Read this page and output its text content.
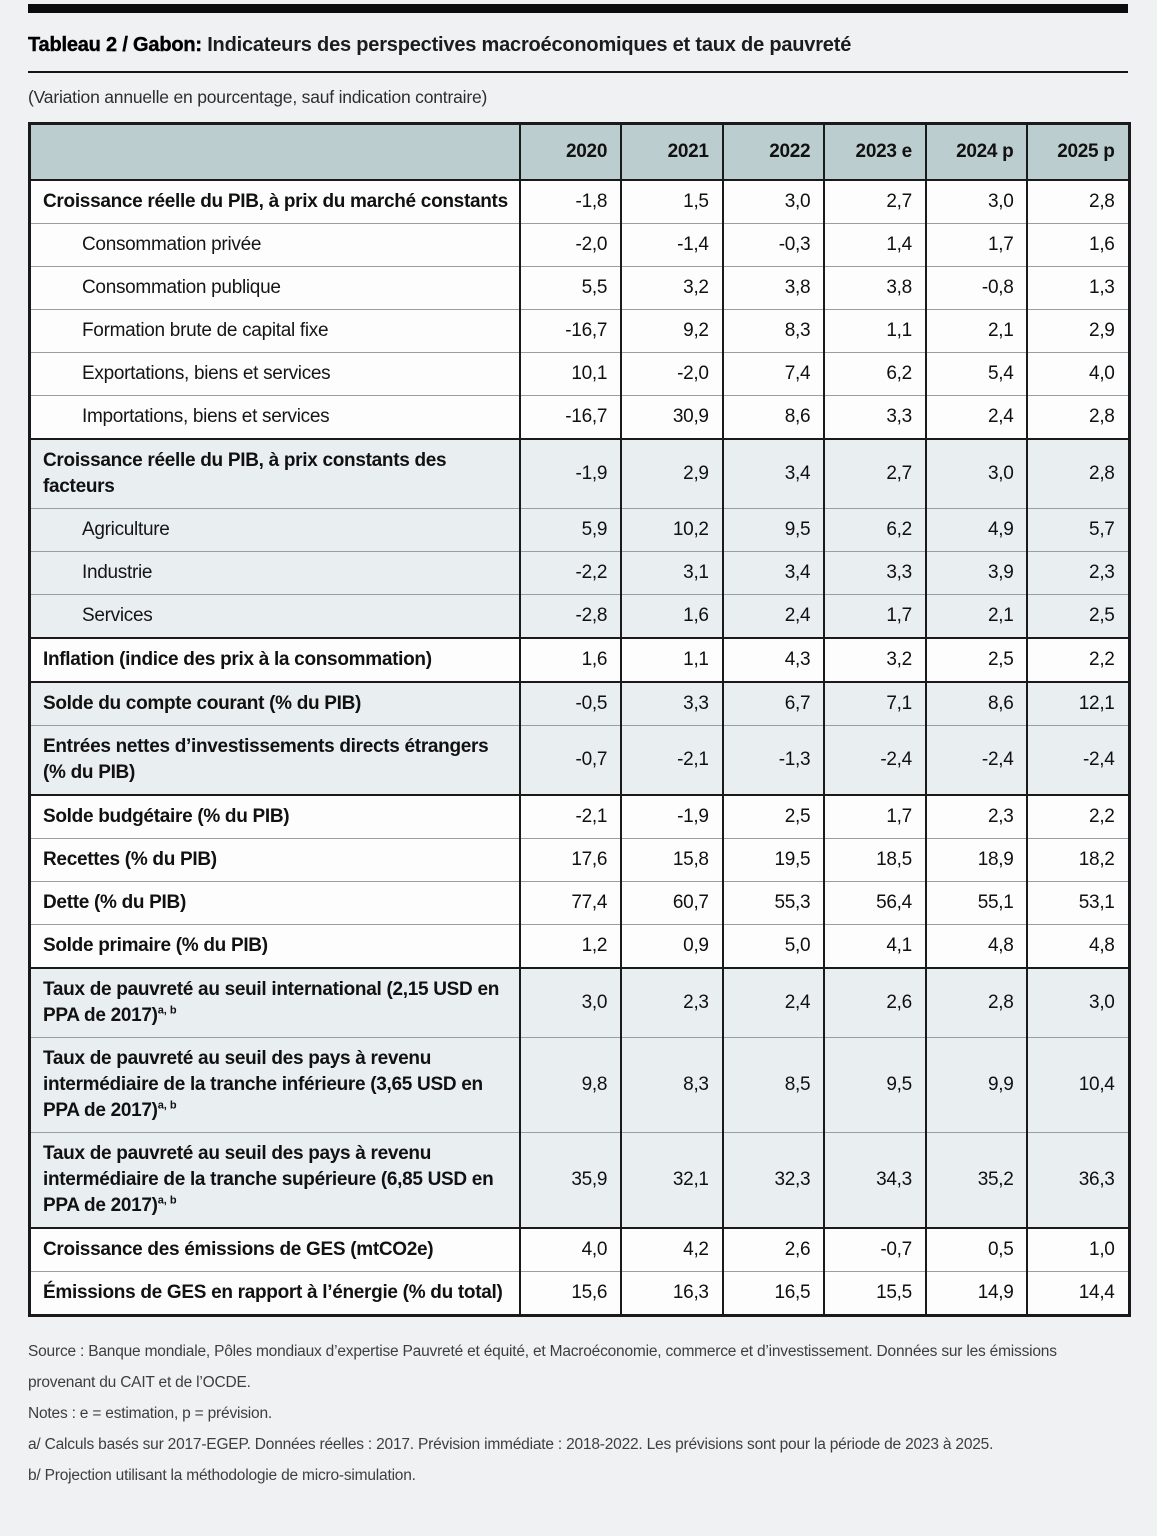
Tableau 2 / Gabon: Indicateurs des perspectives macroéconomiques et taux de pauvreté
(Variation annuelle en pourcentage, sauf indication contraire)
	2020	2021	2022	2023 e	2024 p	2025 p
Croissance réelle du PIB, à prix du marché constants	-1,8	1,5	3,0	2,7	3,0	2,8
Consommation privée	-2,0	-1,4	-0,3	1,4	1,7	1,6
Consommation publique	5,5	3,2	3,8	3,8	-0,8	1,3
Formation brute de capital fixe	-16,7	9,2	8,3	1,1	2,1	2,9
Exportations, biens et services	10,1	-2,0	7,4	6,2	5,4	4,0
Importations, biens et services	-16,7	30,9	8,6	3,3	2,4	2,8
Croissance réelle du PIB, à prix constants des facteurs	-1,9	2,9	3,4	2,7	3,0	2,8
Agriculture	5,9	10,2	9,5	6,2	4,9	5,7
Industrie	-2,2	3,1	3,4	3,3	3,9	2,3
Services	-2,8	1,6	2,4	1,7	2,1	2,5
Inflation (indice des prix à la consommation)	1,6	1,1	4,3	3,2	2,5	2,2
Solde du compte courant (% du PIB)	-0,5	3,3	6,7	7,1	8,6	12,1
Entrées nettes d’investissements directs étrangers (% du PIB)	-0,7	-2,1	-1,3	-2,4	-2,4	-2,4
Solde budgétaire (% du PIB)	-2,1	-1,9	2,5	1,7	2,3	2,2
Recettes (% du PIB)	17,6	15,8	19,5	18,5	18,9	18,2
Dette (% du PIB)	77,4	60,7	55,3	56,4	55,1	53,1
Solde primaire (% du PIB)	1,2	0,9	5,0	4,1	4,8	4,8
Taux de pauvreté au seuil international (2,15 USD en PPA de 2017)$^{a, b}$	3,0	2,3	2,4	2,6	2,8	3,0
Taux de pauvreté au seuil des pays à revenu intermédiaire de la tranche inférieure (3,65 USD en PPA de 2017)$^{a, b}$	9,8	8,3	8,5	9,5	9,9	10,4
Taux de pauvreté au seuil des pays à revenu intermédiaire de la tranche supérieure (6,85 USD en PPA de 2017)$^{a, b}$	35,9	32,1	32,3	34,3	35,2	36,3
Croissance des émissions de GES (mtCO2e)	4,0	4,2	2,6	-0,7	0,5	1,0
Émissions de GES en rapport à l’énergie (% du total)	15,6	16,3	16,5	15,5	14,9	14,4

Source : Banque mondiale, Pôles mondiaux d’expertise Pauvreté et équité, et Macroéconomie, commerce et d’investissement. Données sur les émissions provenant du CAIT et de l’OCDE.

Notes : e = estimation, p = prévision.

a/ Calculs basés sur 2017-EGEP. Données réelles : 2017. Prévision immédiate : 2018-2022. Les prévisions sont pour la période de 2023 à 2025.

b/ Projection utilisant la méthodologie de micro-simulation.
